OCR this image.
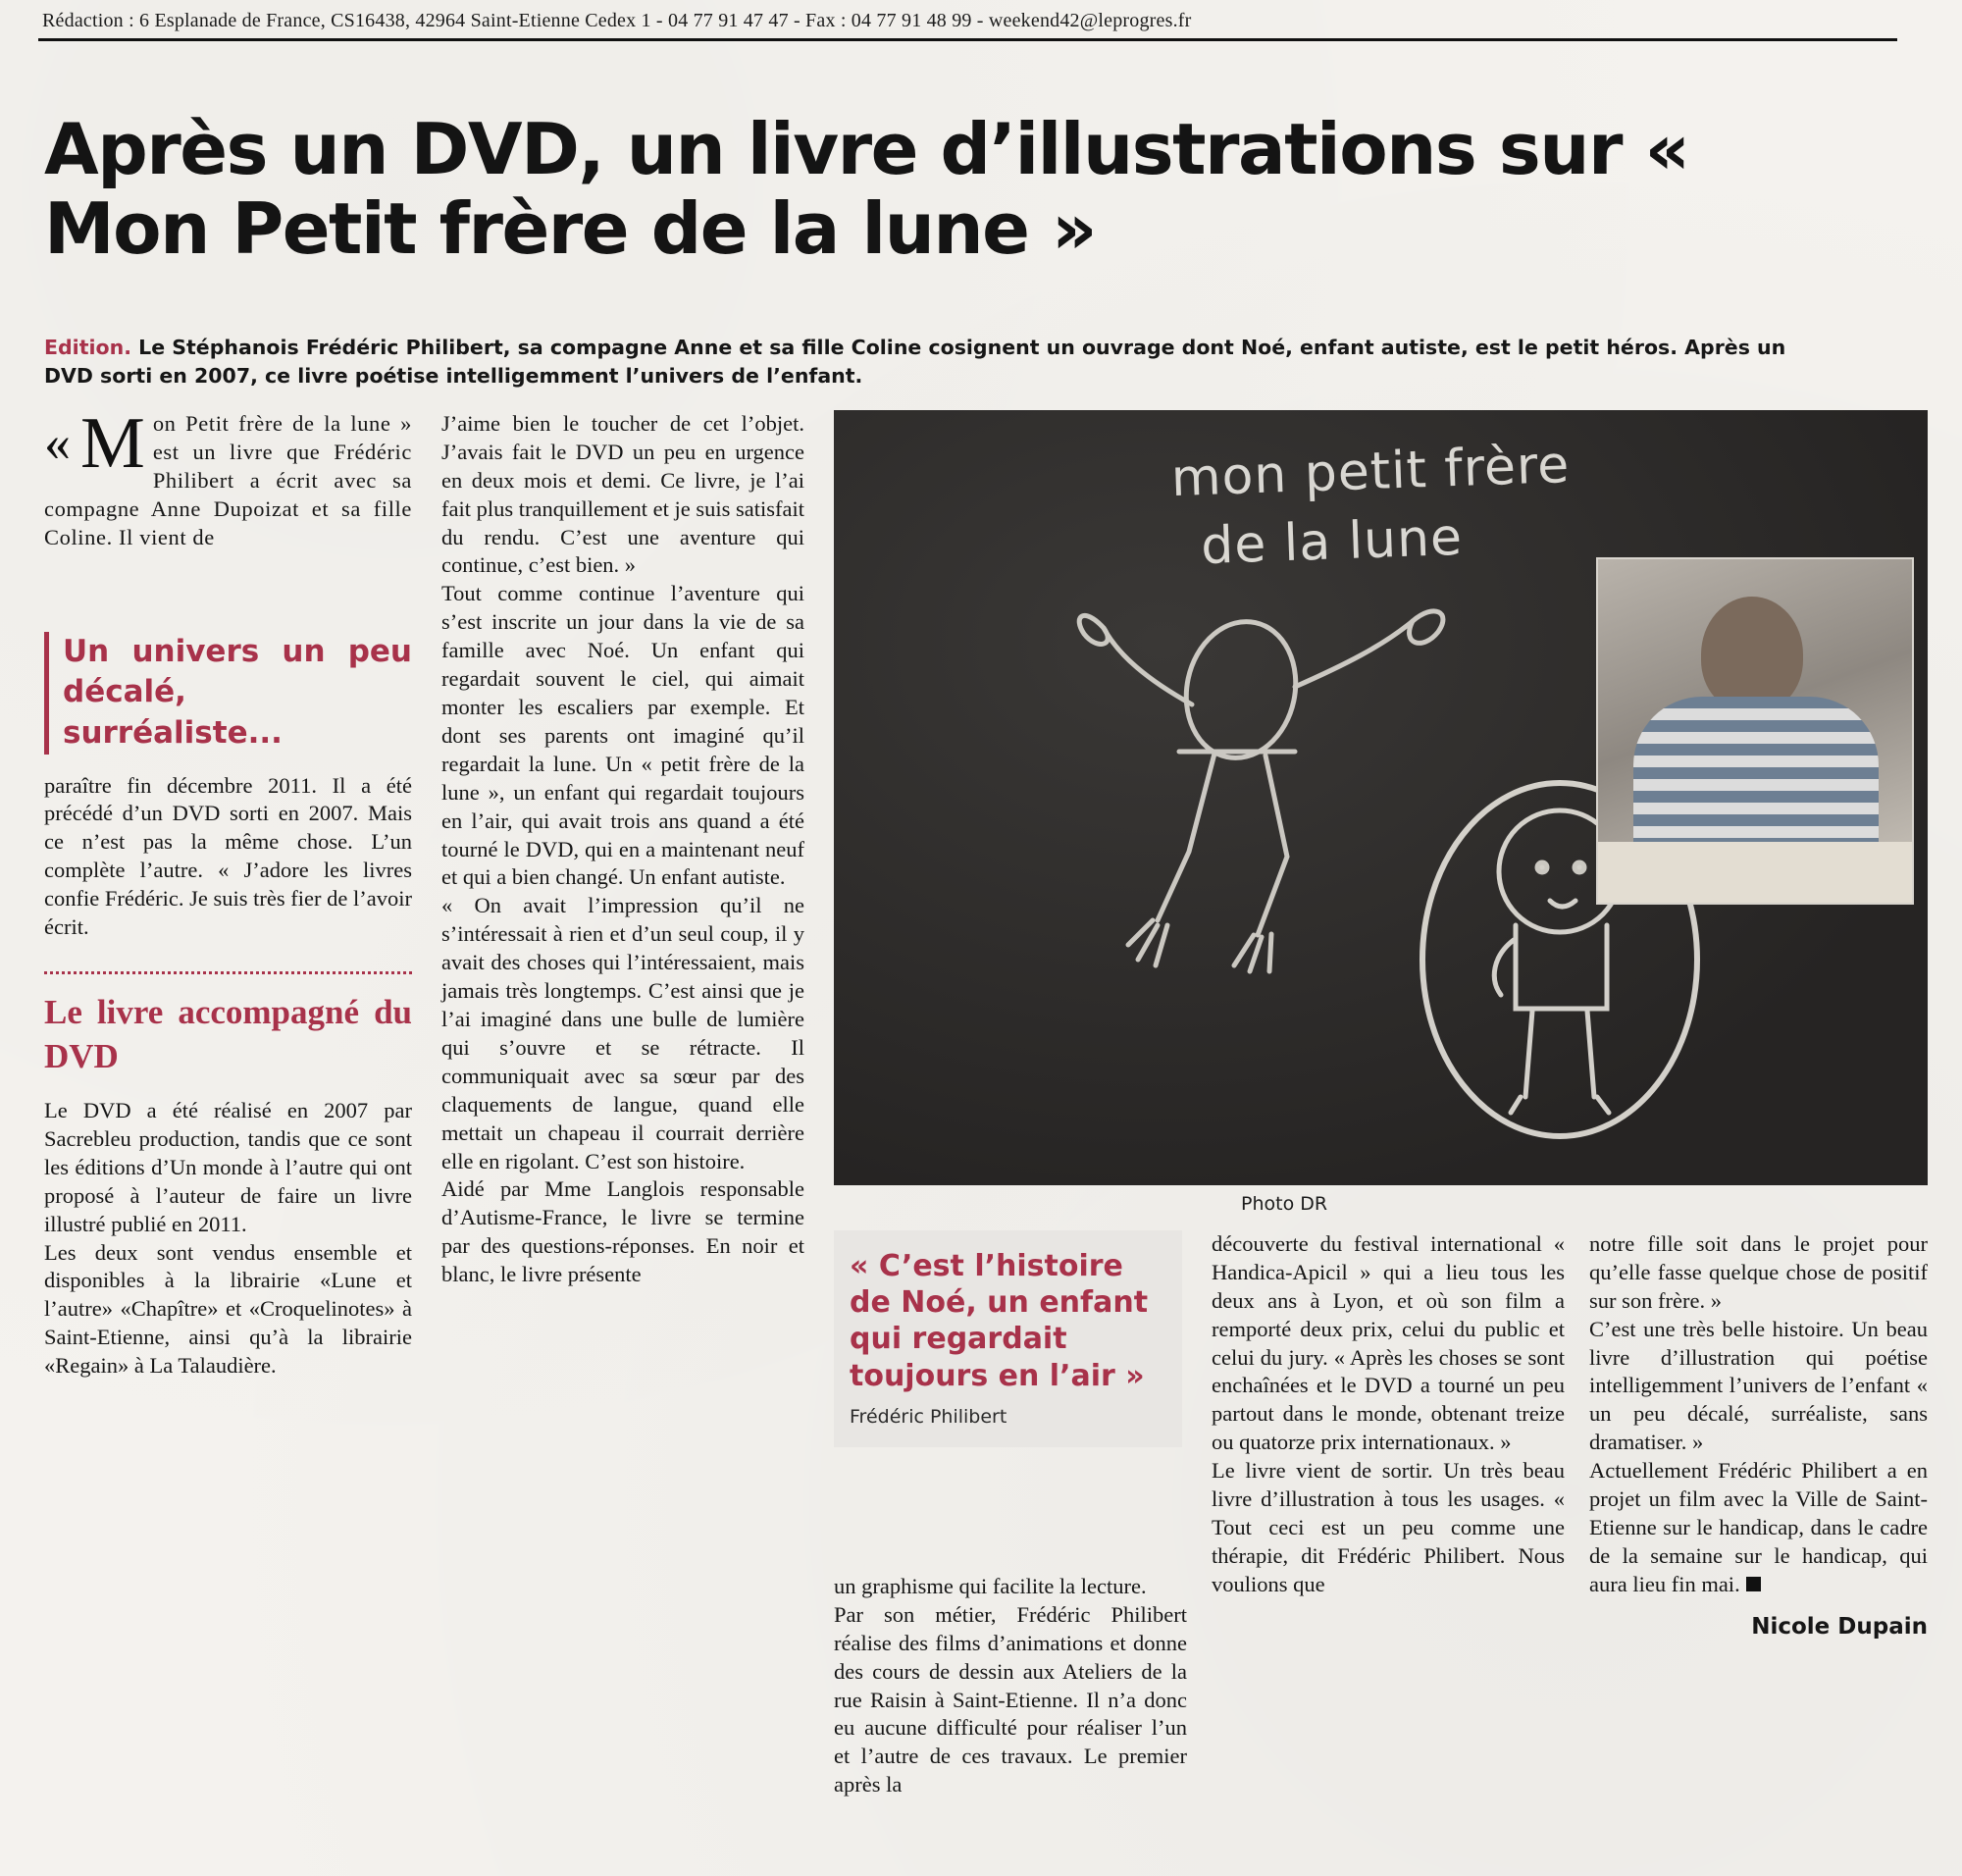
Rédaction : 6 Esplanade de France, CS16438, 42964 Saint-Etienne Cedex 1 - 04 77 91 47 47 - Fax : 04 77 91 48 99 - weekend42@leprogres.fr
Après un DVD, un livre d’illustrations sur « Mon Petit frère de la lune »
Edition. Le Stéphanois Frédéric Philibert, sa compagne Anne et sa fille Coline cosignent un ouvrage dont Noé, enfant autiste, est le petit héros. Après un DVD sorti en 2007, ce livre poétise intelligemment l’univers de l’enfant.
« M on Petit frère de la lune » est un livre que Frédéric Philibert a écrit avec sa compagne Anne Dupoizat et sa fille Coline. Il vient de
Un univers un peu décalé, surréaliste...

paraître fin décembre 2011. Il a été précédé d’un DVD sorti en 2007. Mais ce n’est pas la même chose. L’un complète l’autre. « J’adore les livres confie Frédéric. Je suis très fier de l’avoir écrit.

Le livre accompagné du DVD

Le DVD a été réalisé en 2007 par Sacrebleu production, tandis que ce sont les éditions d’Un monde à l’autre qui ont proposé à l’auteur de faire un livre illustré publié en 2011.

Les deux sont vendus ensemble et disponibles à la librairie «Lune et l’autre» «Chapître» et «Croquelinotes» à Saint-Etienne, ainsi qu’à la librairie «Regain» à La Talaudière.

J’aime bien le toucher de cet l’objet. J’avais fait le DVD un peu en urgence en deux mois et demi. Ce livre, je l’ai fait plus tranquillement et je suis satisfait du rendu. C’est une aventure qui continue, c’est bien. »

Tout comme continue l’aventure qui s’est inscrite un jour dans la vie de sa famille avec Noé. Un enfant qui regardait souvent le ciel, qui aimait monter les escaliers par exemple. Et dont ses parents ont imaginé qu’il regardait la lune. Un « petit frère de la lune », un enfant qui regardait toujours en l’air, qui avait trois ans quand a été tourné le DVD, qui en a maintenant neuf et qui a bien changé. Un enfant autiste.

« On avait l’impression qu’il ne s’intéressait à rien et d’un seul coup, il y avait des choses qui l’intéressaient, mais jamais très longtemps. C’est ainsi que je l’ai imaginé dans une bulle de lumière qui s’ouvre et se rétracte. Il communiquait avec sa sœur par des claquements de langue, quand elle mettait un chapeau il courrait derrière elle en rigolant. C’est son histoire.

Aidé par Mme Langlois responsable d’Autisme-France, le livre se termine par des questions-réponses. En noir et blanc, le livre présente

mon petit frère
de la lune
Photo DR
« C’est l’histoire de Noé, un enfant qui regardait toujours en l’air »
Frédéric Philibert

un graphisme qui facilite la lecture.

Par son métier, Frédéric Philibert réalise des films d’animations et donne des cours de dessin aux Ateliers de la rue Raisin à Saint-Etienne. Il n’a donc eu aucune difficulté pour réaliser l’un et l’autre de ces travaux. Le premier après la

découverte du festival international « Handica-Apicil » qui a lieu tous les deux ans à Lyon, et où son film a remporté deux prix, celui du public et celui du jury. « Après les choses se sont enchaînées et le DVD a tourné un peu partout dans le monde, obtenant treize ou quatorze prix internationaux. »

Le livre vient de sortir. Un très beau livre d’illustration à tous les usages. « Tout ceci est un peu comme une thérapie, dit Frédéric Philibert. Nous voulions que

notre fille soit dans le projet pour qu’elle fasse quelque chose de positif sur son frère. »

C’est une très belle histoire. Un beau livre d’illustration qui poétise intelligemment l’univers de l’enfant « un peu décalé, surréaliste, sans dramatiser. »

Actuellement Frédéric Philibert a en projet un film avec la Ville de Saint-Etienne sur le handicap, dans le cadre de la semaine sur le handicap, qui aura lieu fin mai.

Nicole Dupain
